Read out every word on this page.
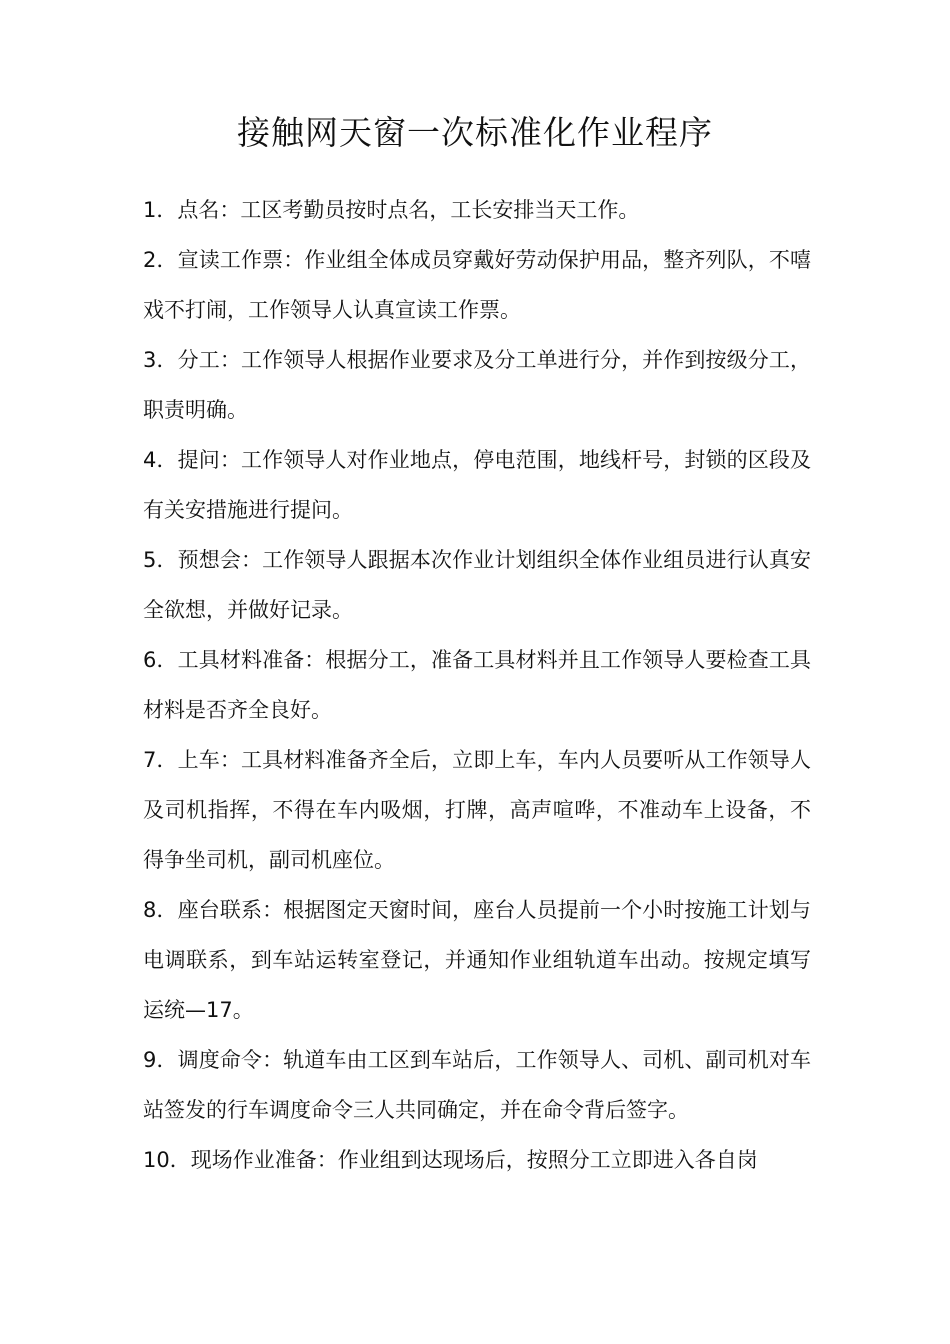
接触网天窗一次标准化作业程序

1．点名：工区考勤员按时点名，工长安排当天工作。

2．宣读工作票：作业组全体成员穿戴好劳动保护用品，整齐列队，不嘻戏不打闹，工作领导人认真宣读工作票。

3．分工：工作领导人根据作业要求及分工单进行分，并作到按级分工，职责明确。

4．提问：工作领导人对作业地点，停电范围，地线杆号，封锁的区段及有关安措施进行提问。

5．预想会：工作领导人跟据本次作业计划组织全体作业组员进行认真安全欲想，并做好记录。

6．工具材料准备：根据分工，准备工具材料并且工作领导人要检查工具材料是否齐全良好。

7．上车：工具材料准备齐全后，立即上车，车内人员要听从工作领导人及司机指挥，不得在车内吸烟，打牌，高声喧哗，不准动车上设备，不得争坐司机，副司机座位。

8．座台联系：根据图定天窗时间，座台人员提前一个小时按施工计划与电调联系，到车站运转室登记，并通知作业组轨道车出动。按规定填写运统—17。

9．调度命令：轨道车由工区到车站后，工作领导人、司机、副司机对车站签发的行车调度命令三人共同确定，并在命令背后签字。

10．现场作业准备：作业组到达现场后，按照分工立即进入各自岗
